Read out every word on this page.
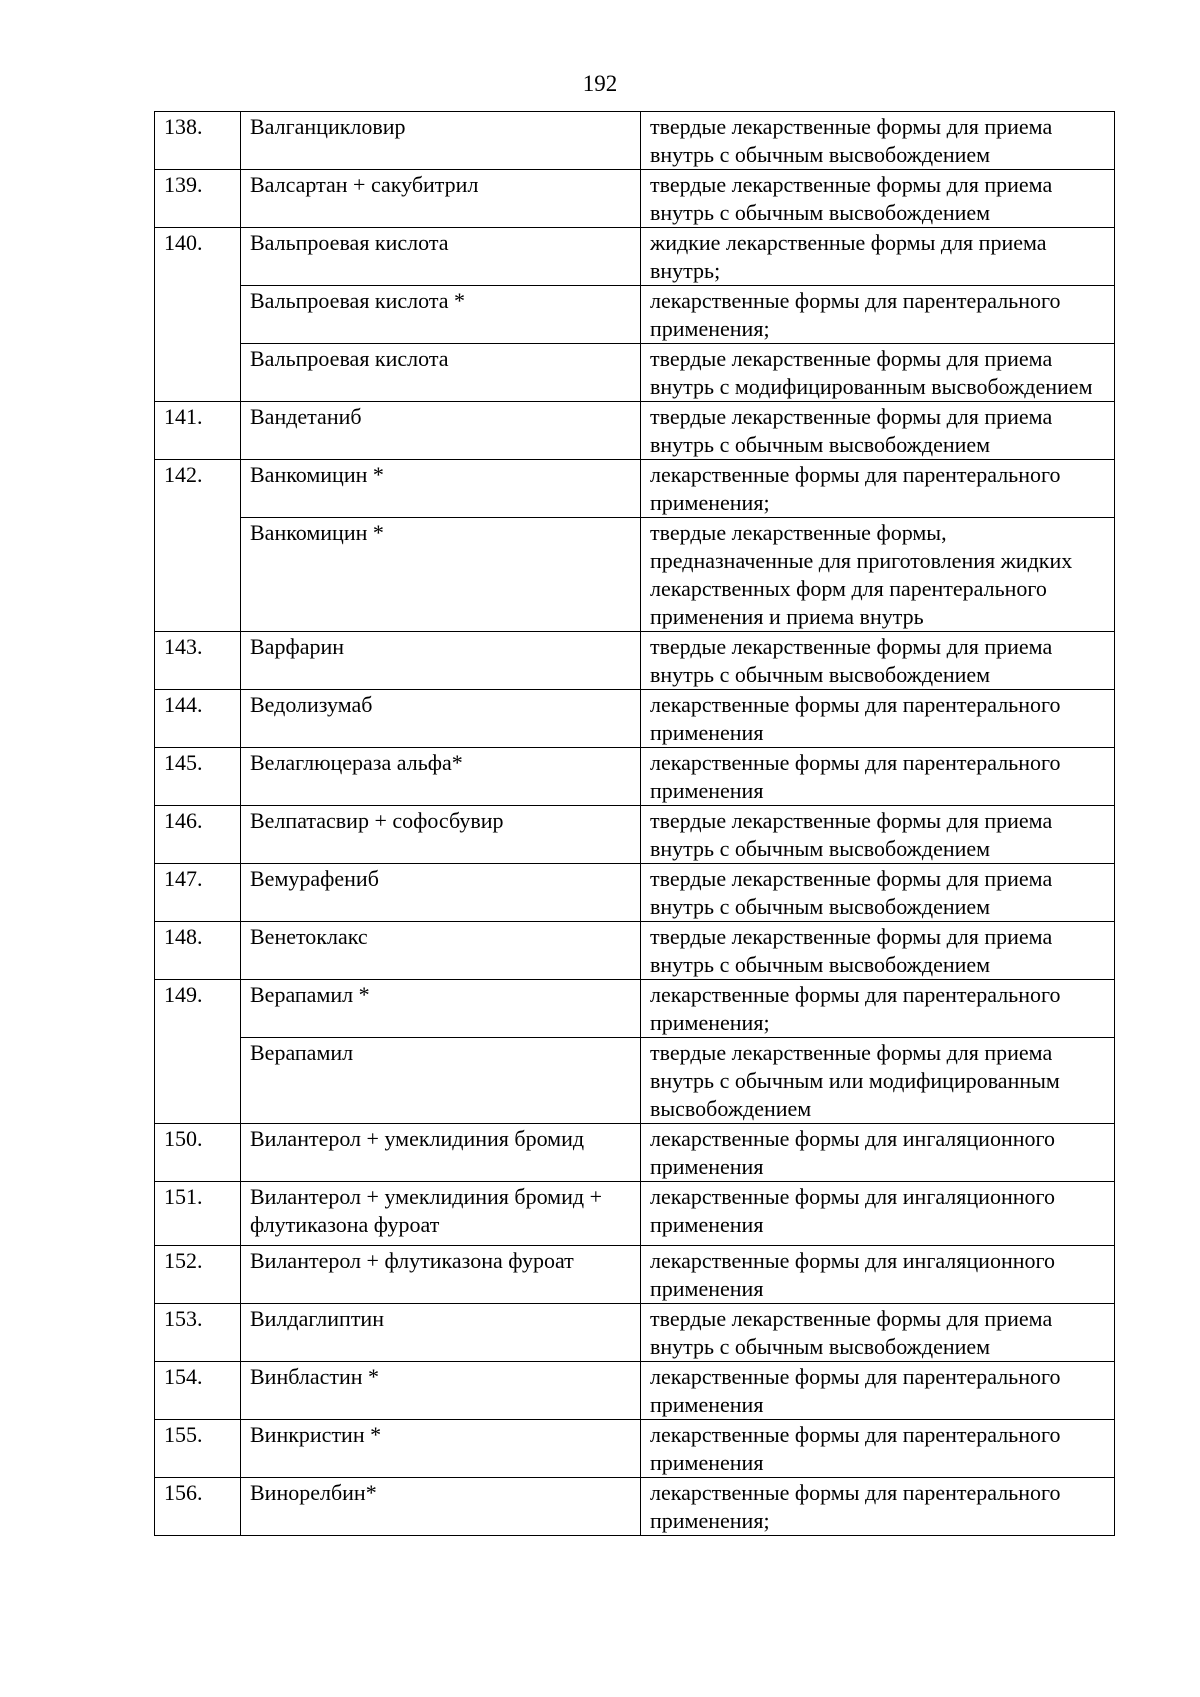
192
138.	Валганцикловир	твердые лекарственные формы для приема внутрь с обычным высвобождением
139.	Валсартан + сакубитрил	твердые лекарственные формы для приема внутрь с обычным высвобождением
140.	Вальпроевая кислота	жидкие лекарственные формы для приема внутрь;
	Вальпроевая кислота *	лекарственные формы для парентерального применения;
	Вальпроевая кислота	твердые лекарственные формы для приема внутрь с модифицированным высвобождением
141.	Вандетаниб	твердые лекарственные формы для приема внутрь с обычным высвобождением
142.	Ванкомицин *	лекарственные формы для парентерального применения;
	Ванкомицин *	твердые лекарственные формы, предназначенные для приготовления жидких лекарственных форм для парентерального применения и приема внутрь
143.	Варфарин	твердые лекарственные формы для приема внутрь с обычным высвобождением
144.	Ведолизумаб	лекарственные формы для парентерального применения
145.	Велаглюцераза альфа*	лекарственные формы для парентерального применения
146.	Велпатасвир + софосбувир	твердые лекарственные формы для приема внутрь с обычным высвобождением
147.	Вемурафениб	твердые лекарственные формы для приема внутрь с обычным высвобождением
148.	Венетоклакс	твердые лекарственные формы для приема внутрь с обычным высвобождением
149.	Верапамил *	лекарственные формы для парентерального применения;
	Верапамил	твердые лекарственные формы для приема внутрь с обычным или модифицированным высвобождением
150.	Вилантерол + умеклидиния бромид	лекарственные формы для ингаляционного применения
151.	Вилантерол + умеклидиния бромид + флутиказона фуроат	лекарственные формы для ингаляционного применения
152.	Вилантерол + флутиказона фуроат	лекарственные формы для ингаляционного применения
153.	Вилдаглиптин	твердые лекарственные формы для приема внутрь с обычным высвобождением
154.	Винбластин *	лекарственные формы для парентерального применения
155.	Винкристин *	лекарственные формы для парентерального применения
156.	Винорелбин*	лекарственные формы для парентерального применения;
